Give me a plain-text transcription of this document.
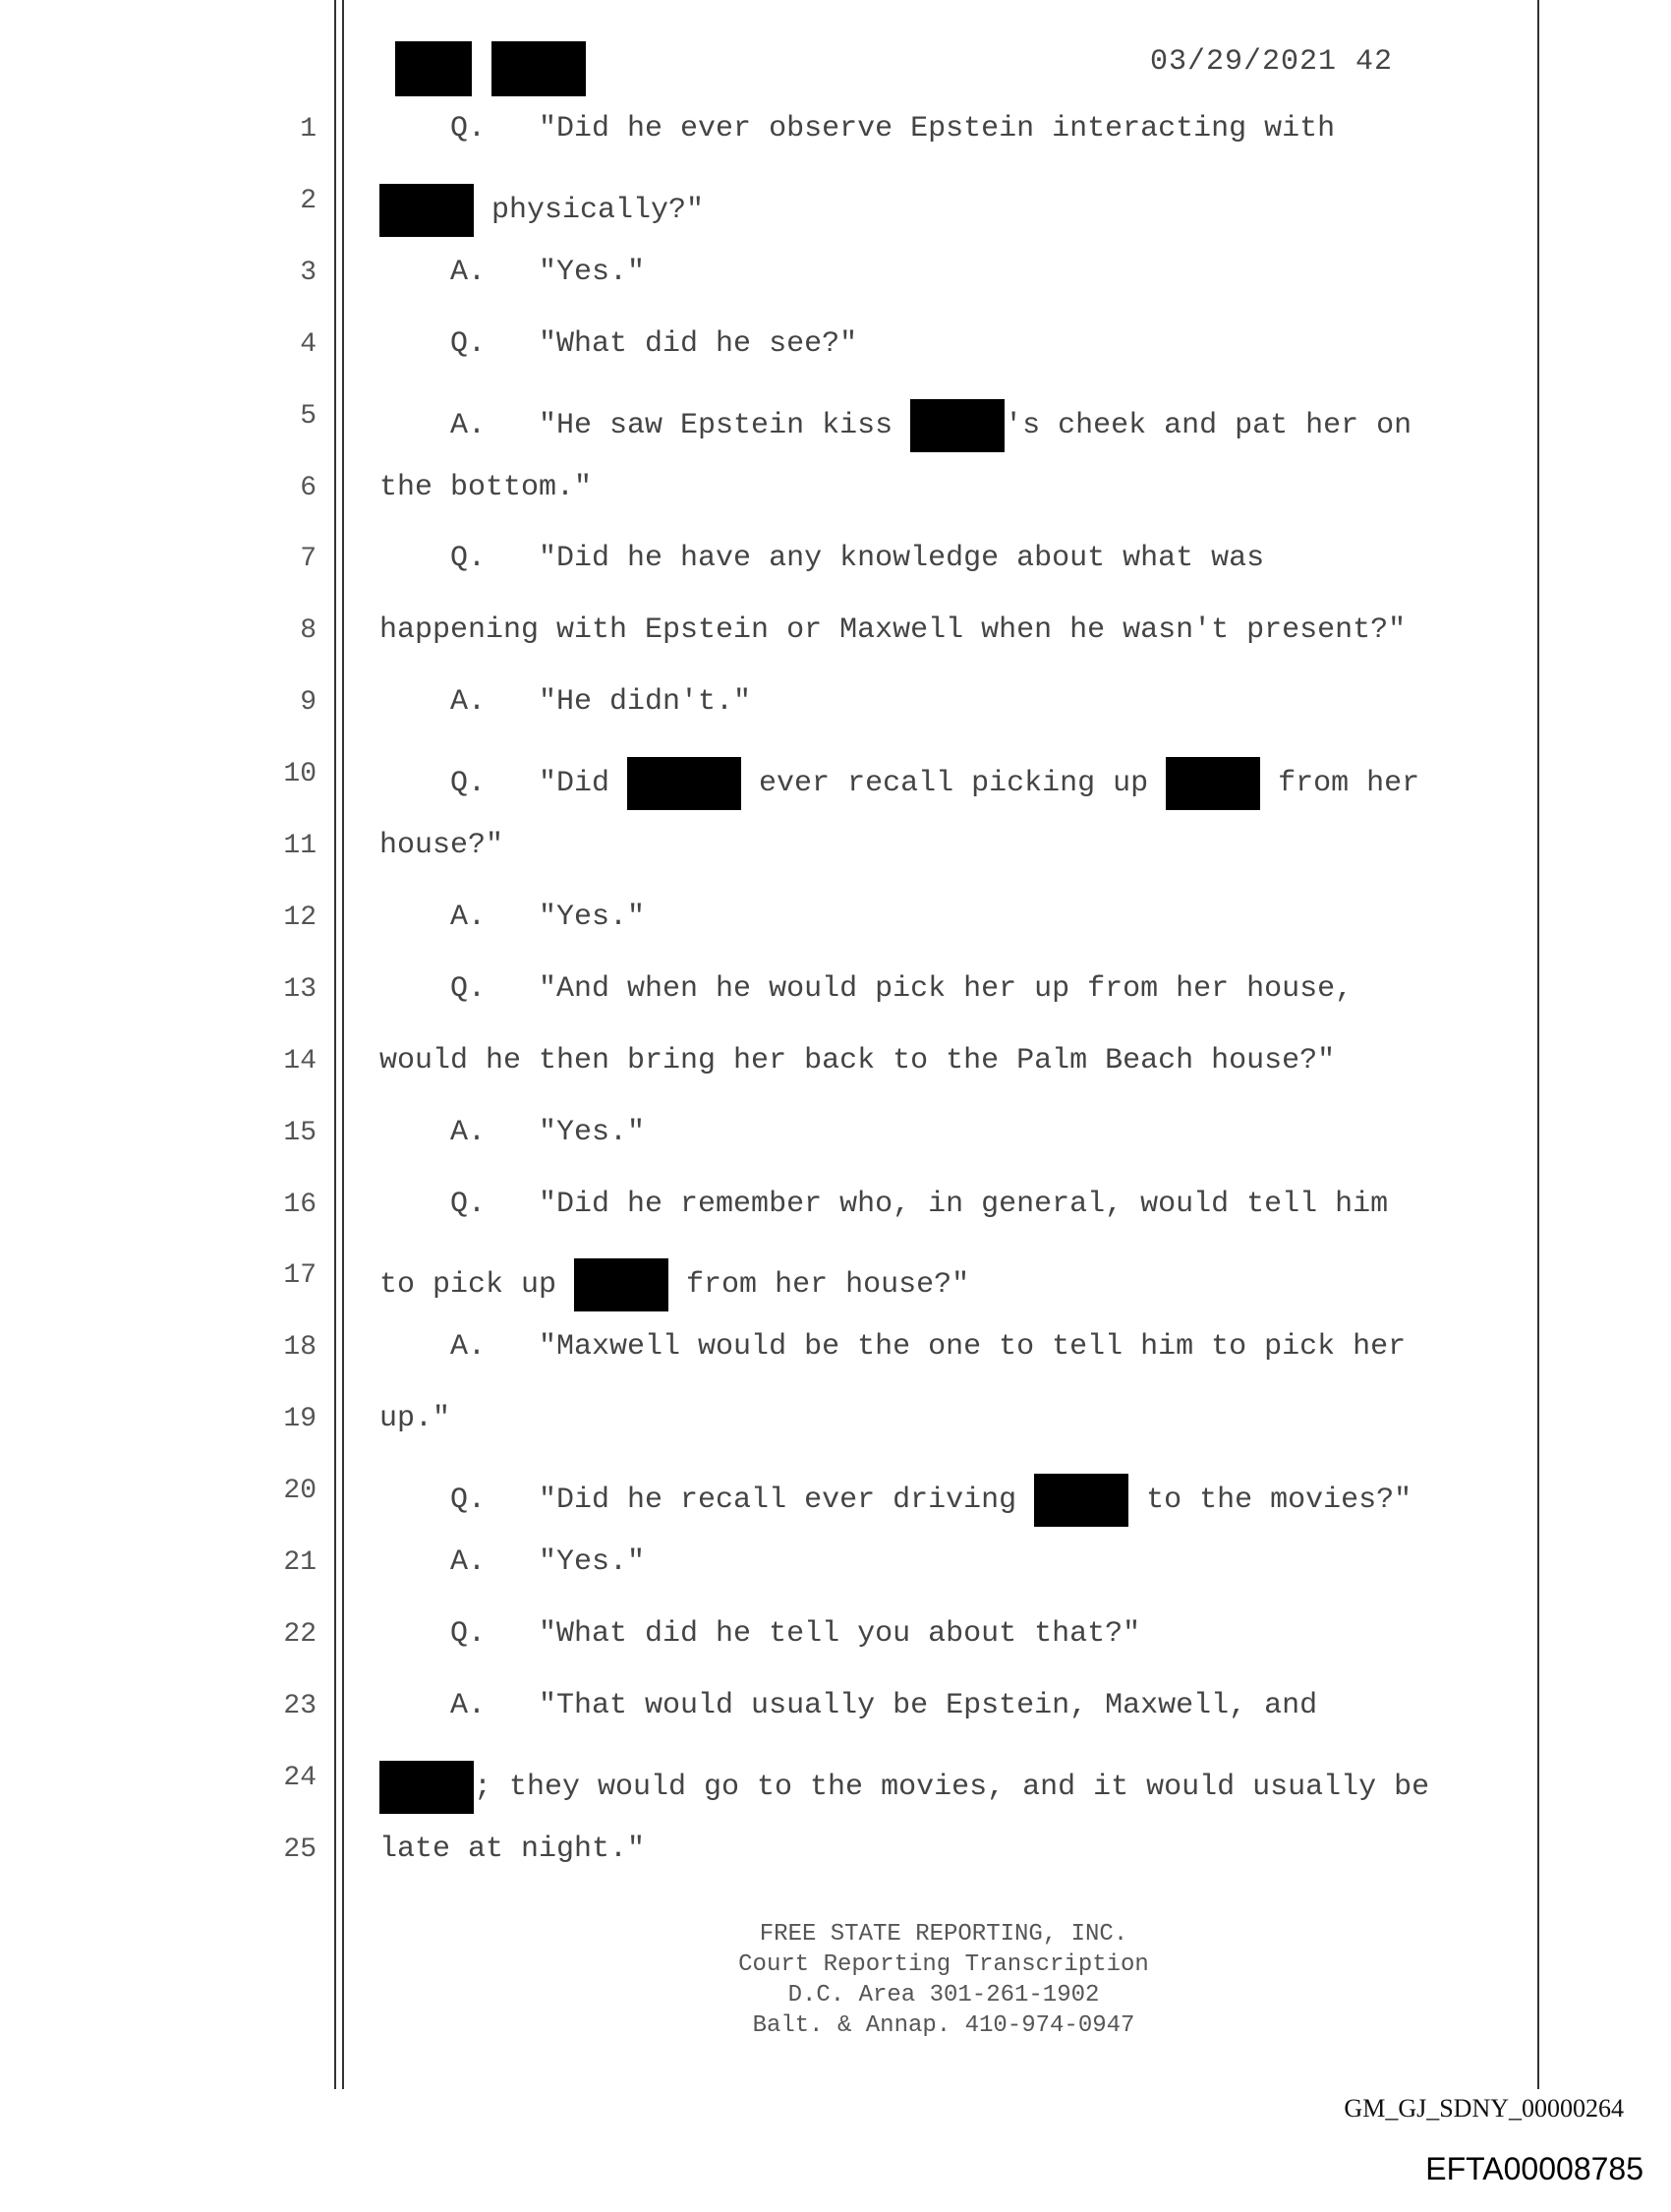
03/29/2021 42
1 Q.   "Did he ever observe Epstein interacting with
2	physically?"
3 A.   "Yes."
4 Q.   "What did he see?"
5 A.   "He saw Epstein kiss	's cheek and pat her on
6 the bottom."
7 Q.   "Did he have any knowledge about what was
8 happening with Epstein or Maxwell when he wasn't present?"
9 A.   "He didn't."
10 Q.   "Did	ever recall picking up	from her
11 house?"
12 A.   "Yes."
13 Q.   "And when he would pick her up from her house,
14 would he then bring her back to the Palm Beach house?"
15 A.   "Yes."
16 Q.   "Did he remember who, in general, would tell him
17 to pick up	from her house?"
18 A.   "Maxwell would be the one to tell him to pick her
19 up."
20 Q.   "Did he recall ever driving	to the movies?"
21 A.   "Yes."
22 Q.   "What did he tell you about that?"
23 A.   "That would usually be Epstein, Maxwell, and
24	; they would go to the movies, and it would usually be
25 late at night."
FREE STATE REPORTING, INC.
Court Reporting Transcription
D.C. Area 301-261-1902
Balt. & Annap. 410-974-0947
GM_GJ_SDNY_00000264
EFTA00008785
